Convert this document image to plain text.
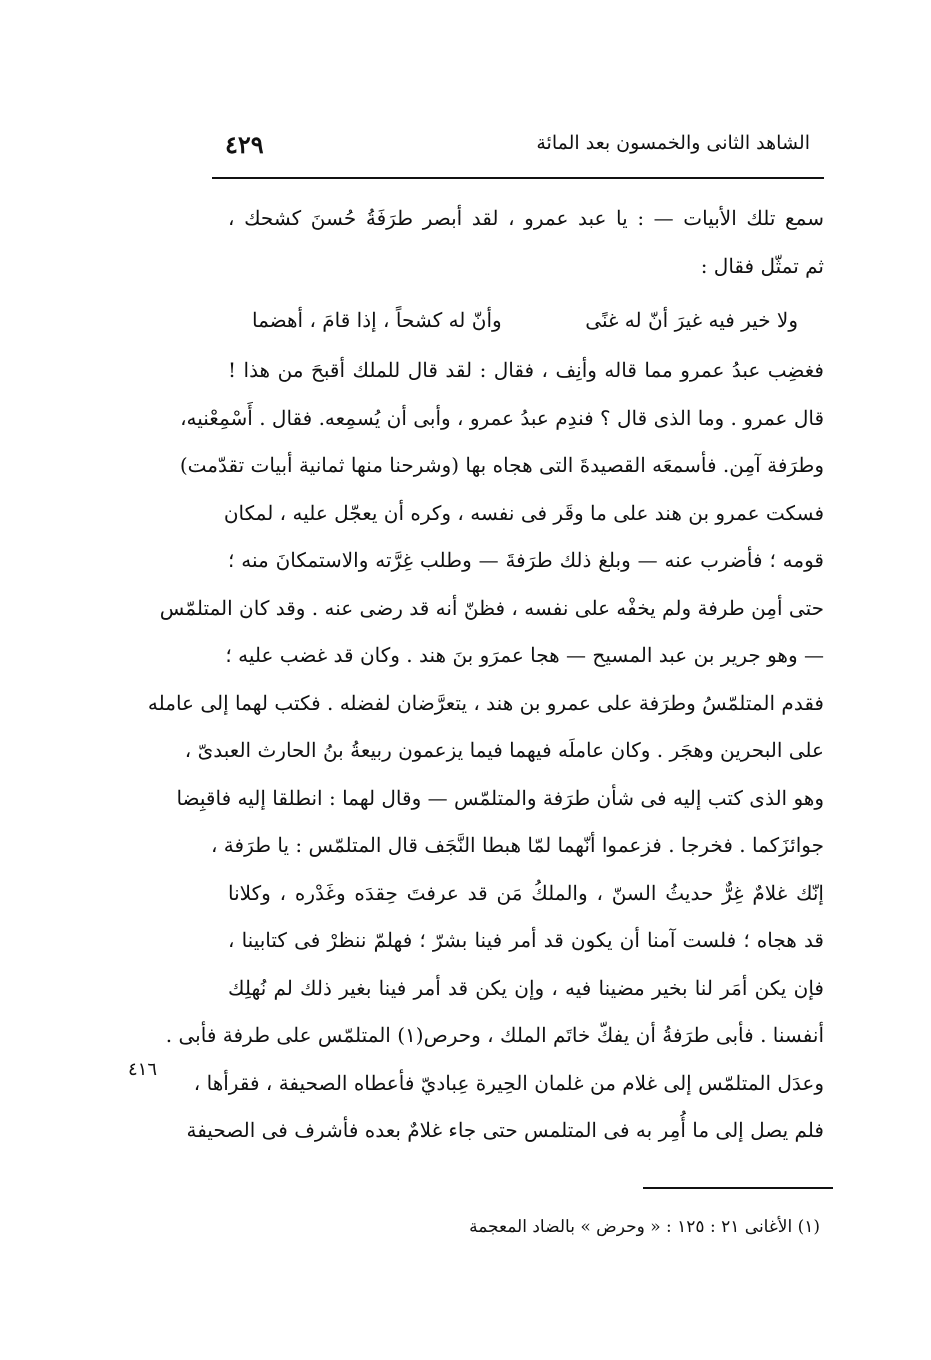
الشاهد الثانى والخمسون بعد المائة
٤٢٩
سمع تلك الأبيات — : يا عبد عمرو ، لقد أبصر طرَفَةُ حُسنَ كشحك ،
ثم تمثّل فقال :
فغضِب عبدُ عمرو مما قاله وأنِف ، فقال : لقد قال للملك أقبحَ من هذا !
قال عمرو . وما الذى قال ؟ فندِم عبدُ عمرو ، وأبى أن يُسمِعه. فقال . أَسْمِعْنيه،
وطرَفة آمِن. فأسمعَه القصيدةَ التى هجاه بها (وشرحنا منها ثمانية أبيات تقدّمت)
فسكت عمرو بن هند على ما وقَر فى نفسه ، وكره أن يعجّل عليه ، لمكان
قومه ؛ فأضرب عنه — وبلغ ذلك طرَفةَ — وطلب غِرَّته والاستمكانَ منه ؛
حتى أمِن طرفة ولم يخفْه على نفسه ، فظنّ أنه قد رضى عنه . وقد كان المتلمّس
— وهو جرير بن عبد المسيح — هجا عمرَو بنَ هند . وكان قد غضب عليه ؛
فقدم المتلمّسُ وطرَفة على عمرو بن هند ، يتعرَّضان لفضله . فكتب لهما إلى عامله
على البحرين وهجَر . وكان عاملَه فيهما فيما يزعمون ربيعةُ بنُ الحارث العبدىّ ،
وهو الذى كتب إليه فى شأن طرَفة والمتلمّس — وقال لهما : انطلقا إليه فاقبِضا
جوائزَكما . فخرجا . فزعموا أنّهما لمّا هبطا النَّجَف قال المتلمّس : يا طرَفة ،
إنّك غلامٌ غِرٌّ حديثُ السنّ ، والملكُ مَن قد عرفتَ حِقدَه وغَدْره ، وكلانا
قد هجاه ؛ فلست آمنا أن يكون قد أمر فينا بشرّ ؛ فهلمّ ننظرْ فى كتابينا ،
فإن يكن أمَر لنا بخير مضينا فيه ، وإن يكن قد أمر فينا بغير ذلك لم نُهلِك
أنفسنا . فأبى طرَفةُ أن يفكّ خاتَم الملك ، وحرص(١) المتلمّس على طرفة فأبى .
وعدَل المتلمّس إلى غلام من غلمان الحِيرة عِباديّ فأعطاه الصحيفة ، فقرأها ،
فلم يصل إلى ما أُمِر به فى المتلمس حتى جاء غلامٌ بعده فأشرف فى الصحيفة
ولا خير فيه غيرَ أنّ له غنًى
وأنّ له كشحاً ، إذا قامَ ، أهضما
٤١٦
(١) الأغانى ٢١ : ١٢٥ : « وحرض » بالضاد المعجمة
